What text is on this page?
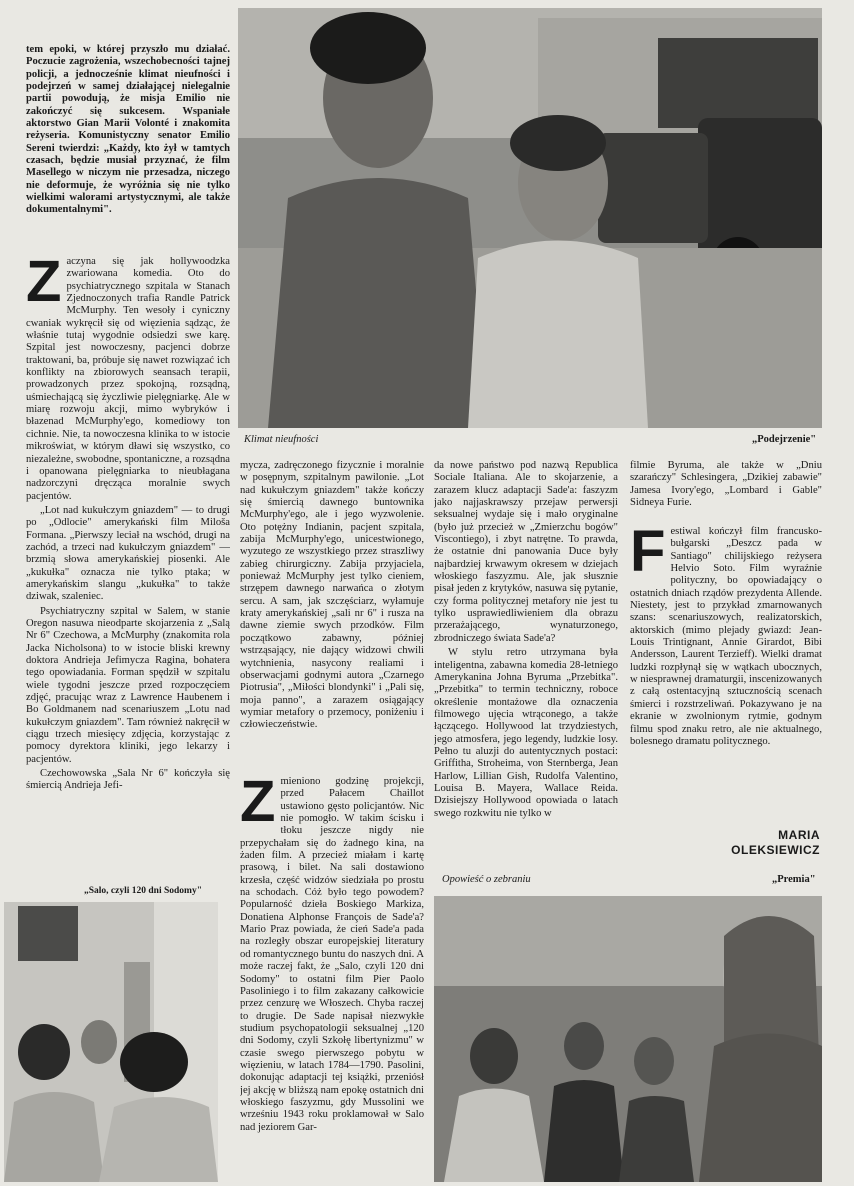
Klimat nieufności	„Podejrzenie"

tem epoki, w której przyszło mu działać. Poczucie zagrożenia, wszechobecności tajnej policji, a jednocześnie klimat nieufności i podejrzeń w samej działającej nielegalnie partii powodują, że misja Emilio nie zakończyć się sukcesem. Wspaniałe aktorstwo Gian Marii Volonté i znakomita reżyseria. Komunistyczny senator Emilio Sereni twierdzi: „Każdy, kto żył w tamtych czasach, będzie musiał przyznać, że film Masellego w niczym nie przesadza, niczego nie deformuje, że wyróżnia się nie tylko wielkimi walorami artystycznymi, ale także dokumentalnymi".

Z aczyna się jak hollywoodzka zwariowana komedia. Oto do psychiatrycznego szpitala w Stanach Zjednoczonych trafia Randle Patrick McMurphy. Ten wesoły i cyniczny cwaniak wykręcił się od więzienia sądząc, że właśnie tutaj wygodnie odsiedzi swe karę. Szpital jest nowoczesny, pacjenci dobrze traktowani, ba, próbuje się nawet rozwiązać ich konflikty na zbiorowych seansach terapii, prowadzonych przez spokojną, rozsądną, uśmiechającą się życzliwie pielęgniarkę. Ale w miarę rozwoju akcji, mimo wybryków i błazenad McMurphy'ego, komediowy ton cichnie. Nie, ta nowoczesna klinika to w istocie mikroświat, w którym dławi się wszystko, co niezależne, swobodne, spontaniczne, a rozsądna i opanowana pielęgniarka to nieubłagana nadzorczyni dręcząca moralnie swych pacjentów.

„Lot nad kukułczym gniazdem" — to drugi po „Odlocie" amerykański film Miloša Formana. „Pierwszy leciał na wschód, drugi na zachód, a trzeci nad kukułczym gniazdem" — brzmią słowa amerykańskiej piosenki. Ale „kukułka" oznacza nie tylko ptaka; w amerykańskim slangu „kukułka" to także dziwak, szaleniec.

Psychiatryczny szpital w Salem, w stanie Oregon nasuwa nieodparte skojarzenia z „Salą Nr 6" Czechowa, a McMurphy (znakomita rola Jacka Nicholsona) to w istocie bliski krewny doktora Andrieja Jefimycza Ragina, bohatera tego opowiadania. Forman spędził w szpitalu wiele tygodni jeszcze przed rozpoczęciem zdjęć, pracując wraz z Lawrence Haubenem i Bo Goldmanem nad scenariuszem „Lotu nad kukułczym gniazdem". Tam również nakręcił w ciągu trzech miesięcy zdjęcia, korzystając z pomocy dyrektora kliniki, jego lekarzy i pacjentów.

Czechowowska „Sala Nr 6" kończyła się śmiercią Andrieja Jefi-

„Salo, czyli 120 dni Sodomy"

mycza, zadręczonego fizycznie i moralnie w posępnym, szpitalnym pawilonie. „Lot nad kukułczym gniazdem" także kończy się śmiercią dawnego buntownika McMurphy'ego, ale i jego wyzwolenie. Oto potężny Indianin, pacjent szpitala, zabija McMurphy'ego, unicestwionego, wyzutego ze wszystkiego przez straszliwy zabieg chirurgiczny. Zabija przyjaciela, ponieważ McMurphy jest tylko cieniem, strzępem dawnego narwańca o złotym sercu. A sam, jak szczęściarz, wyłamuje kraty amerykańskiej „sali nr 6" i rusza na dawne ziemie swych przodków. Film początkowo zabawny, później wstrząsający, nie dający widzowi chwili wytchnienia, nasycony realiami i obserwacjami godnymi autora „Czarnego Piotrusia", „Miłości blondynki" i „Pali się, moja panno", a zarazem osiągający wymiar metafory o przemocy, poniżeniu i człowieczeństwie.

Z mieniono godzinę projekcji, przed Pałacem Chaillot ustawiono gęsto policjantów. Nic nie pomogło. W takim ścisku i tłoku jeszcze nigdy nie przepychałam się do żadnego kina, na żaden film. A przecież miałam i kartę prasową, i bilet. Na sali dostawiono krzesła, część widzów siedziała po prostu na schodach. Cóż było tego powodem? Popularność dzieła Boskiego Markiza, Donatiena Alphonse François de Sade'a? Mario Praz powiada, że cień Sade'a pada na rozległy obszar europejskiej literatury od romantycznego buntu do naszych dni. A może raczej fakt, że „Salo, czyli 120 dni Sodomy" to ostatni film Pier Paolo Pasoliniego i to film zakazany całkowicie przez cenzurę we Włoszech. Chyba raczej to drugie. De Sade napisał niezwykłe studium psychopatologii seksualnej „120 dni Sodomy, czyli Szkołę libertynizmu" w czasie swego pierwszego pobytu w więzieniu, w latach 1784—1790. Pasolini, dokonując adaptacji tej książki, przeniósł jej akcję w bliższą nam epokę ostatnich dni włoskiego faszyzmu, gdy Mussolini we wrześniu 1943 roku proklamował w Salo nad jeziorem Gar-

da nowe państwo pod nazwą Republica Sociale Italiana. Ale to skojarzenie, a zarazem klucz adaptacji Sade'a: faszyzm jako najjaskrawszy przejaw perwersji seksualnej wydaje się i mało oryginalne (było już przecież w „Zmierzchu bogów" Viscontiego), i zbyt natrętne. To prawda, że ostatnie dni panowania Duce były najbardziej krwawym okresem w dziejach włoskiego faszyzmu. Ale, jak słusznie pisał jeden z krytyków, nasuwa się pytanie, czy forma politycznej metafory nie jest tu tylko usprawiedliwieniem dla obrazu przerażającego, wynaturzonego, zbrodniczego świata Sade'a?

W stylu retro utrzymana była inteligentna, zabawna komedia 28-letniego Amerykanina Johna Byruma „Przebitka". „Przebitka" to termin techniczny, roboce określenie montażowe dla oznaczenia filmowego ujęcia wtrąconego, a także łączącego. Hollywood lat trzydziestych, jego atmosfera, jego legendy, ludzkie losy. Pełno tu aluzji do autentycznych postaci: Griffitha, Stroheima, von Sternberga, Jean Harlow, Lillian Gish, Rudolfa Valentino, Louisa B. Mayera, Wallace Reida. Dzisiejszy Hollywood opowiada o latach swego rozkwitu nie tylko w

Opowieść o zebraniu	„Premia"

filmie Byruma, ale także w „Dniu szarańczy" Schlesingera, „Dzikiej zabawie" Jamesa Ivory'ego, „Lombard i Gable" Sidneya Furie.

F estiwal kończył film francusko-bułgarski „Deszcz pada w Santiago" chilijskiego reżysera Helvio Soto. Film wyraźnie polityczny, bo opowiadający o ostatnich dniach rządów prezydenta Allende. Niestety, jest to przykład zmarnowanych szans: scenariuszowych, realizatorskich, aktorskich (mimo plejady gwiazd: Jean-Louis Trintignant, Annie Girardot, Bibi Andersson, Laurent Terzieff). Wielki dramat ludzki rozpłynął się w wątkach ubocznych, w niesprawnej dramaturgii, inscenizowanych z całą ostentacyjną sztucznością scenach śmierci i rozstrzeliwań. Pokazywano je na ekranie w zwolnionym rytmie, godnym filmu spod znaku retro, ale nie aktualnego, bolesnego dramatu politycznego.

MARIA
OLEKSIEWICZ
